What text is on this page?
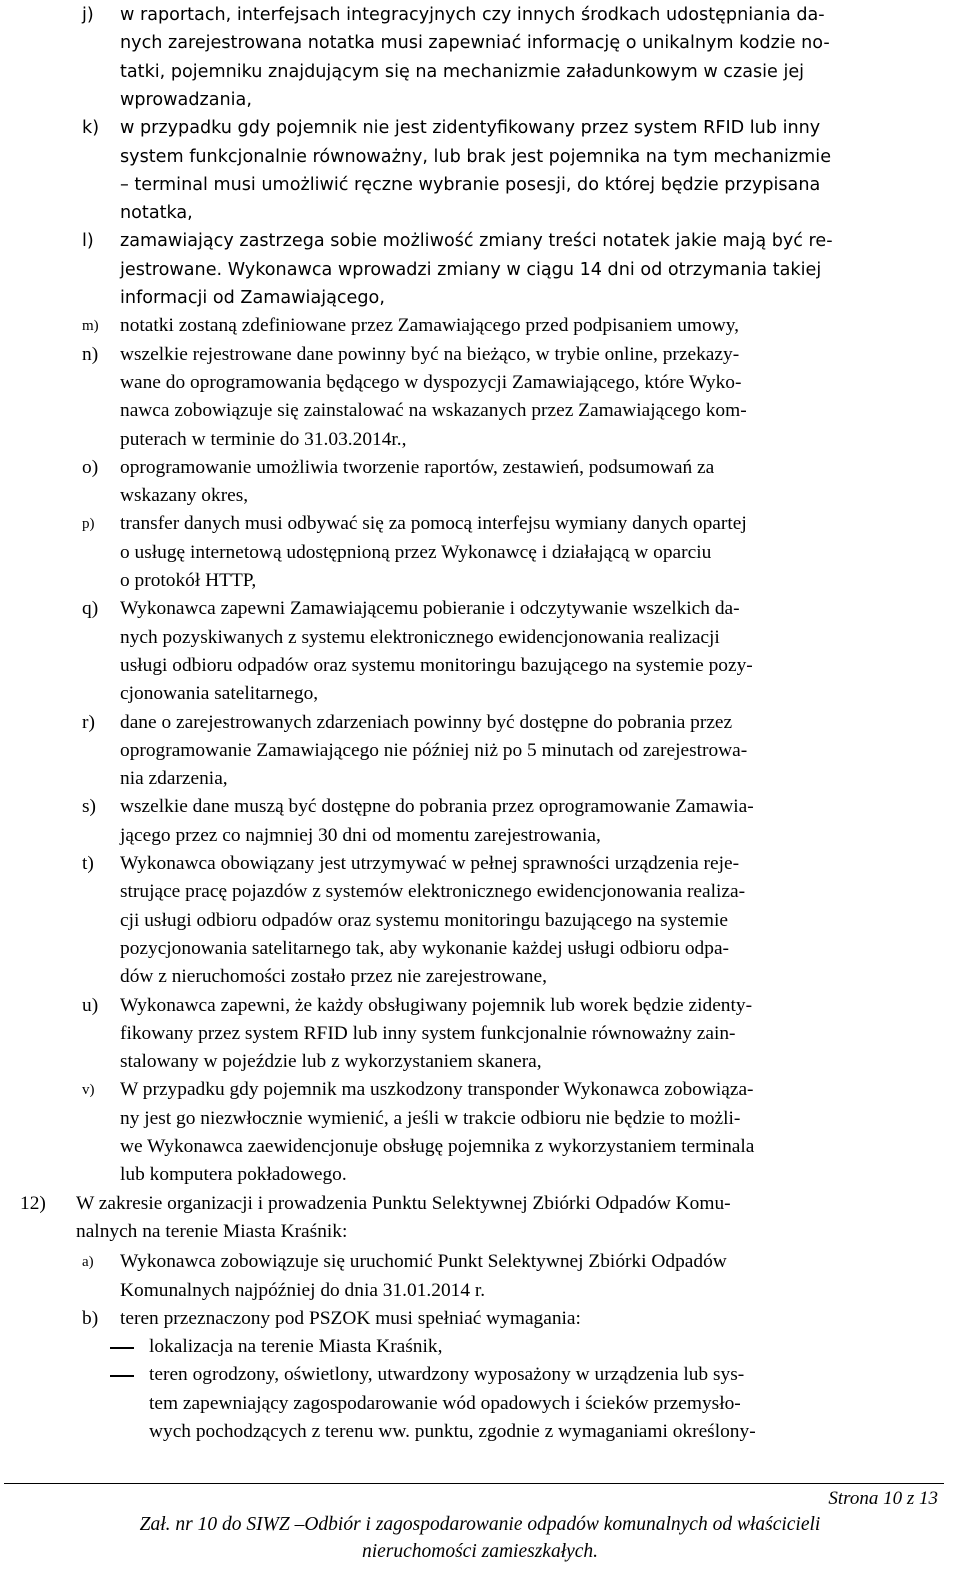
j) w raportach, interfejsach integracyjnych czy innych środkach udostępniania da-
nych zarejestrowana notatka musi zapewniać informację o unikalnym kodzie no-
tatki, pojemniku znajdującym się na mechanizmie załadunkowym w czasie jej
wprowadzania,
k) w przypadku gdy pojemnik nie jest zidentyfikowany przez system RFID lub inny
system funkcjonalnie równoważny, lub brak jest pojemnika na tym mechanizmie
– terminal musi umożliwić ręczne wybranie posesji, do której będzie przypisana
notatka,
l) zamawiający zastrzega sobie możliwość zmiany treści notatek jakie mają być re-
jestrowane. Wykonawca wprowadzi zmiany w ciągu 14 dni od otrzymania takiej
informacji od Zamawiającego,
m) notatki zostaną zdefiniowane przez Zamawiającego przed podpisaniem umowy,
n) wszelkie rejestrowane dane powinny być na bieżąco, w trybie online, przekazy-
wane do oprogramowania będącego w dyspozycji Zamawiającego, które Wyko-
nawca zobowiązuje się zainstalować na wskazanych przez Zamawiającego kom-
puterach w terminie do 31.03.2014r.,
o) oprogramowanie umożliwia tworzenie raportów, zestawień, podsumowań za
wskazany okres,
p) transfer danych musi odbywać się za pomocą interfejsu wymiany danych opartej
o usługę internetową udostępnioną przez Wykonawcę i działającą w oparciu
o protokół HTTP,
q) Wykonawca zapewni Zamawiającemu pobieranie i odczytywanie wszelkich da-
nych pozyskiwanych z systemu elektronicznego ewidencjonowania realizacji
usługi odbioru odpadów oraz systemu monitoringu bazującego na systemie pozy-
cjonowania satelitarnego,
r) dane o zarejestrowanych zdarzeniach powinny być dostępne do pobrania przez
oprogramowanie Zamawiającego nie później niż po 5 minutach od zarejestrowa-
nia zdarzenia,
s) wszelkie dane muszą być dostępne do pobrania przez oprogramowanie Zamawia-
jącego przez co najmniej 30 dni od momentu zarejestrowania,
t) Wykonawca obowiązany jest utrzymywać w pełnej sprawności urządzenia reje-
strujące pracę pojazdów z systemów elektronicznego ewidencjonowania realiza-
cji usługi odbioru odpadów oraz systemu monitoringu bazującego na systemie
pozycjonowania satelitarnego tak, aby wykonanie każdej usługi odbioru odpa-
dów z nieruchomości zostało przez nie zarejestrowane,
u) Wykonawca zapewni, że każdy obsługiwany pojemnik lub worek będzie zidenty-
fikowany przez system RFID lub inny system funkcjonalnie równoważny zain-
stalowany w pojeździe lub z wykorzystaniem skanera,
v) W przypadku gdy pojemnik ma uszkodzony transponder Wykonawca zobowiąza-
ny jest go niezwłocznie wymienić, a jeśli w trakcie odbioru nie będzie to możli-
we Wykonawca zaewidencjonuje obsługę pojemnika z wykorzystaniem terminala
lub komputera pokładowego.
12) W zakresie organizacji i prowadzenia Punktu Selektywnej Zbiórki Odpadów Komu-
nalnych na terenie Miasta Kraśnik:
a) Wykonawca zobowiązuje się uruchomić Punkt Selektywnej Zbiórki Odpadów
Komunalnych najpóźniej do dnia 31.01.2014 r.
b) teren przeznaczony pod PSZOK musi spełniać wymagania:
lokalizacja na terenie Miasta Kraśnik,
teren ogrodzony, oświetlony, utwardzony wyposażony w urządzenia lub sys-
tem zapewniający zagospodarowanie wód opadowych i ścieków przemysło-
wych pochodzących z terenu ww. punktu, zgodnie z wymaganiami określony-
Strona 10 z 13
Zał. nr 10 do SIWZ –Odbiór i zagospodarowanie odpadów komunalnych od właścicieli
nieruchomości zamieszkałych.
